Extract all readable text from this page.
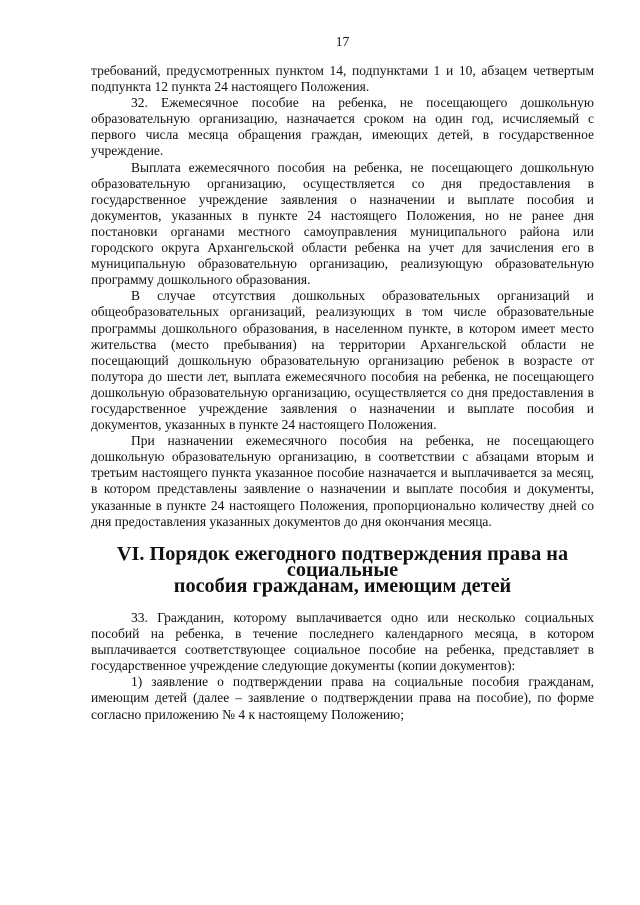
17

требований, предусмотренных пунктом 14, подпунктами 1 и 10, абзацем четвертым подпункта 12 пункта 24 настоящего Положения.

32. Ежемесячное пособие на ребенка, не посещающего дошкольную образовательную организацию, назначается сроком на один год, исчисляемый с первого числа месяца обращения граждан, имеющих детей, в государственное учреждение.

Выплата ежемесячного пособия на ребенка, не посещающего дошкольную образовательную организацию, осуществляется со дня предоставления в государственное учреждение заявления о назначении и выплате пособия и документов, указанных в пункте 24 настоящего Положения, но не ранее дня постановки органами местного самоуправления муниципального района или городского округа Архангельской области ребенка на учет для зачисления его в муниципальную образовательную организацию, реализующую образовательную программу дошкольного образования.

В случае отсутствия дошкольных образовательных организаций и общеобразовательных организаций, реализующих в том числе образовательные программы дошкольного образования, в населенном пункте, в котором имеет место жительства (место пребывания) на территории Архангельской области не посещающий дошкольную образовательную организацию ребенок в возрасте от полутора до шести лет, выплата ежемесячного пособия на ребенка, не посещающего дошкольную образовательную организацию, осуществляется со дня предоставления в государственное учреждение заявления о назначении и выплате пособия и документов, указанных в пункте 24 настоящего Положения.

При назначении ежемесячного пособия на ребенка, не посещающего дошкольную образовательную организацию, в соответствии с абзацами вторым и третьим настоящего пункта указанное пособие назначается и выплачивается за месяц, в котором представлены заявление о назначении и выплате пособия и документы, указанные в пункте 24 настоящего Положения, пропорционально количеству дней со дня предоставления указанных документов до дня окончания месяца.

VI. Порядок ежегодного подтверждения права на социальные
пособия гражданам, имеющим детей

33. Гражданин, которому выплачивается одно или несколько социальных пособий на ребенка, в течение последнего календарного месяца, в котором выплачивается соответствующее социальное пособие на ребенка, представляет в государственное учреждение следующие документы (копии документов):

1) заявление о подтверждении права на социальные пособия гражданам, имеющим детей (далее – заявление о подтверждении права на пособие), по форме согласно приложению № 4 к настоящему Положению;
